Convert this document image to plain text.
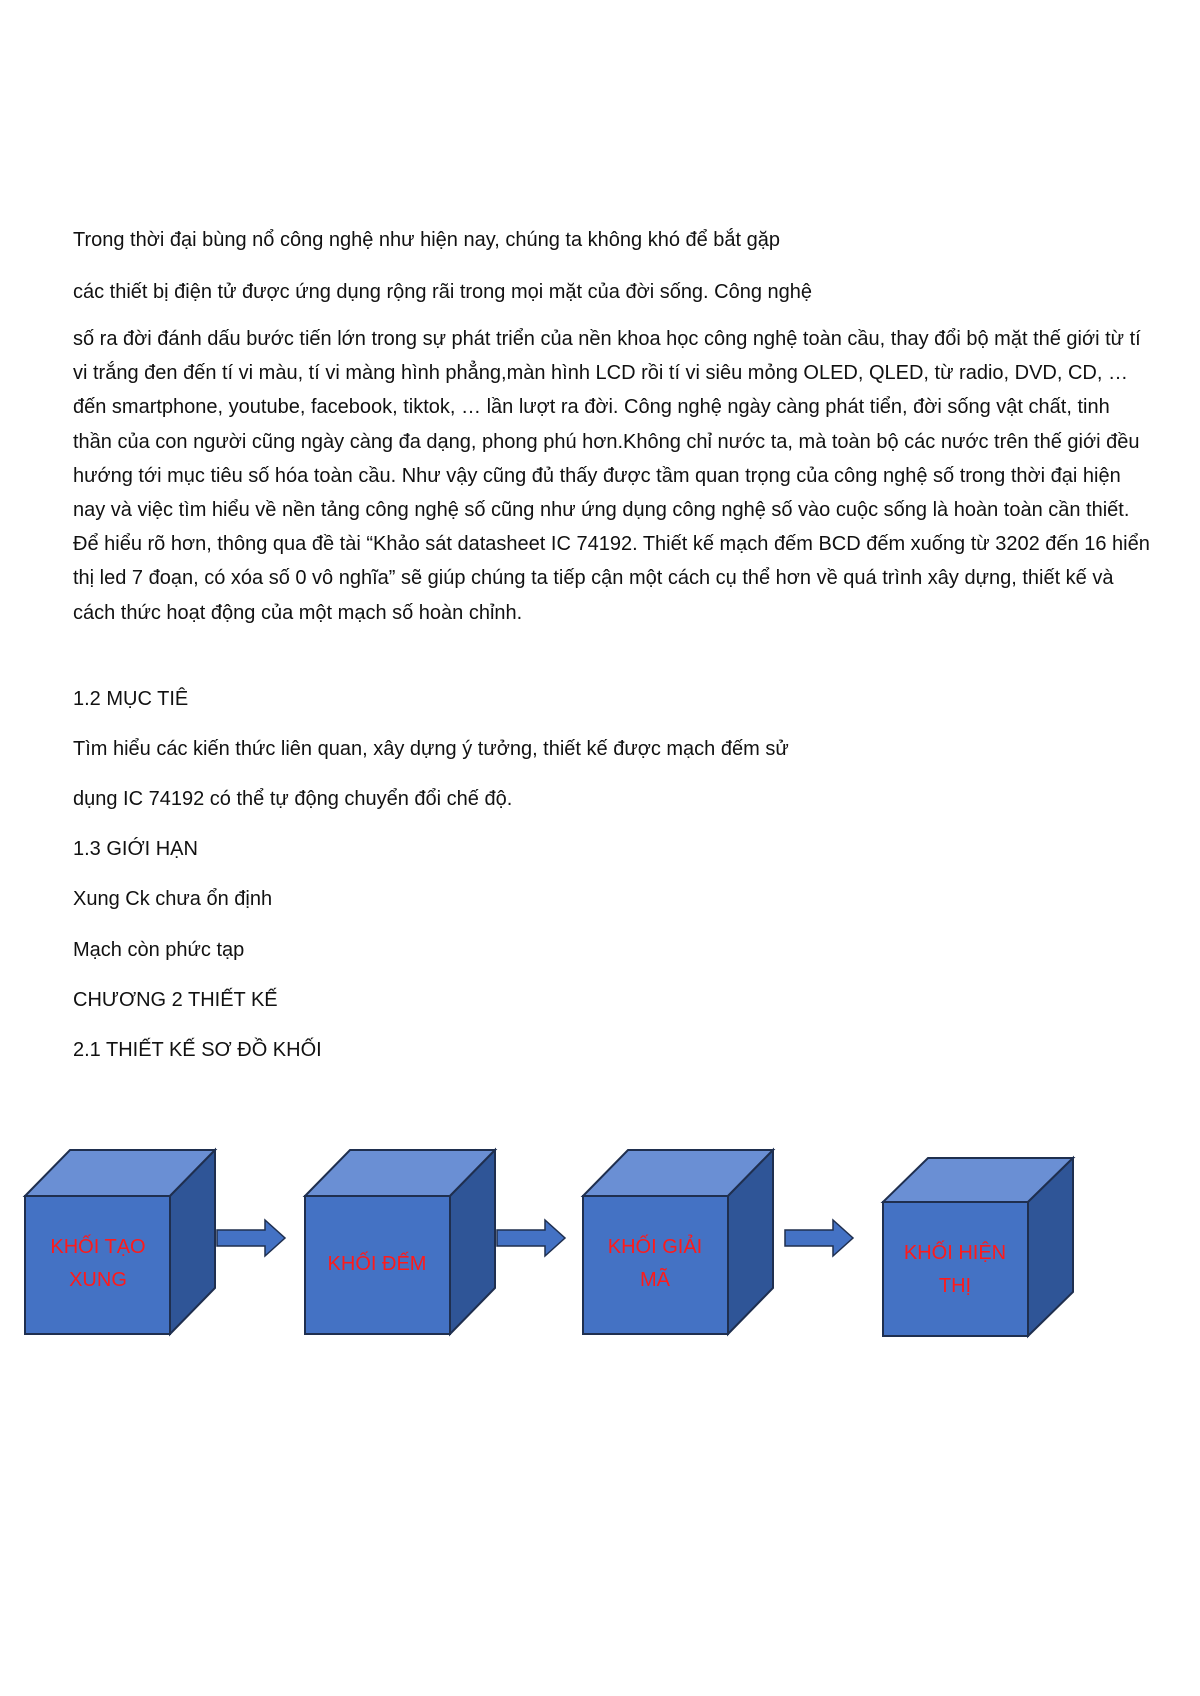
Trong thời đại bùng nổ công nghệ như hiện nay, chúng ta không khó để bắt gặp

các thiết bị điện tử được ứng dụng rộng rãi trong mọi mặt của đời sống. Công nghệ

số ra đời đánh dấu bước tiến lớn trong sự phát triển của nền khoa học công nghệ toàn cầu, thay đổi bộ mặt thế giới từ tí vi trắng đen đến tí vi màu, tí vi màng hình phẳng,màn hình LCD rồi tí vi siêu mỏng OLED, QLED, từ radio, DVD, CD, … đến smartphone, youtube, facebook, tiktok, … lần lượt ra đời. Công nghệ ngày càng phát tiển, đời sống vật chất, tinh thần của con người cũng ngày càng đa dạng, phong phú hơn.Không chỉ nước ta, mà toàn bộ các nước trên thế giới đều hướng tới mục tiêu số hóa toàn cầu. Như vậy cũng đủ thấy được tầm quan trọng của công nghệ số trong thời đại hiện nay và việc tìm hiểu về nền tảng công nghệ số cũng như ứng dụng công nghệ số vào cuộc sống là hoàn toàn cần thiết. Để hiểu rõ hơn, thông qua đề tài “Khảo sát datasheet IC 74192. Thiết kế mạch đếm BCD đếm xuống từ 3202 đến 16 hiển thị led 7 đoạn, có xóa số 0 vô nghĩa” sẽ giúp chúng ta tiếp cận một cách cụ thể hơn về quá trình xây dựng, thiết kế và cách thức hoạt động của một mạch số hoàn chỉnh.

1.2 MỤC TIÊ

Tìm hiểu các kiến thức liên quan, xây dựng ý tưởng, thiết kế được mạch đếm sử

dụng IC 74192 có thể tự động chuyển đổi chế độ.

1.3 GIỚI HẠN

Xung Ck chưa ổn định

Mạch còn phức tạp

CHƯƠNG 2 THIẾT KẾ

2.1 THIẾT KẾ SƠ ĐỒ KHỐI

KHỐI TẠO
XUNG
KHỐI ĐẾM
KHỐI GIẢI
MÃ
KHỐI HIỆN
THỊ
